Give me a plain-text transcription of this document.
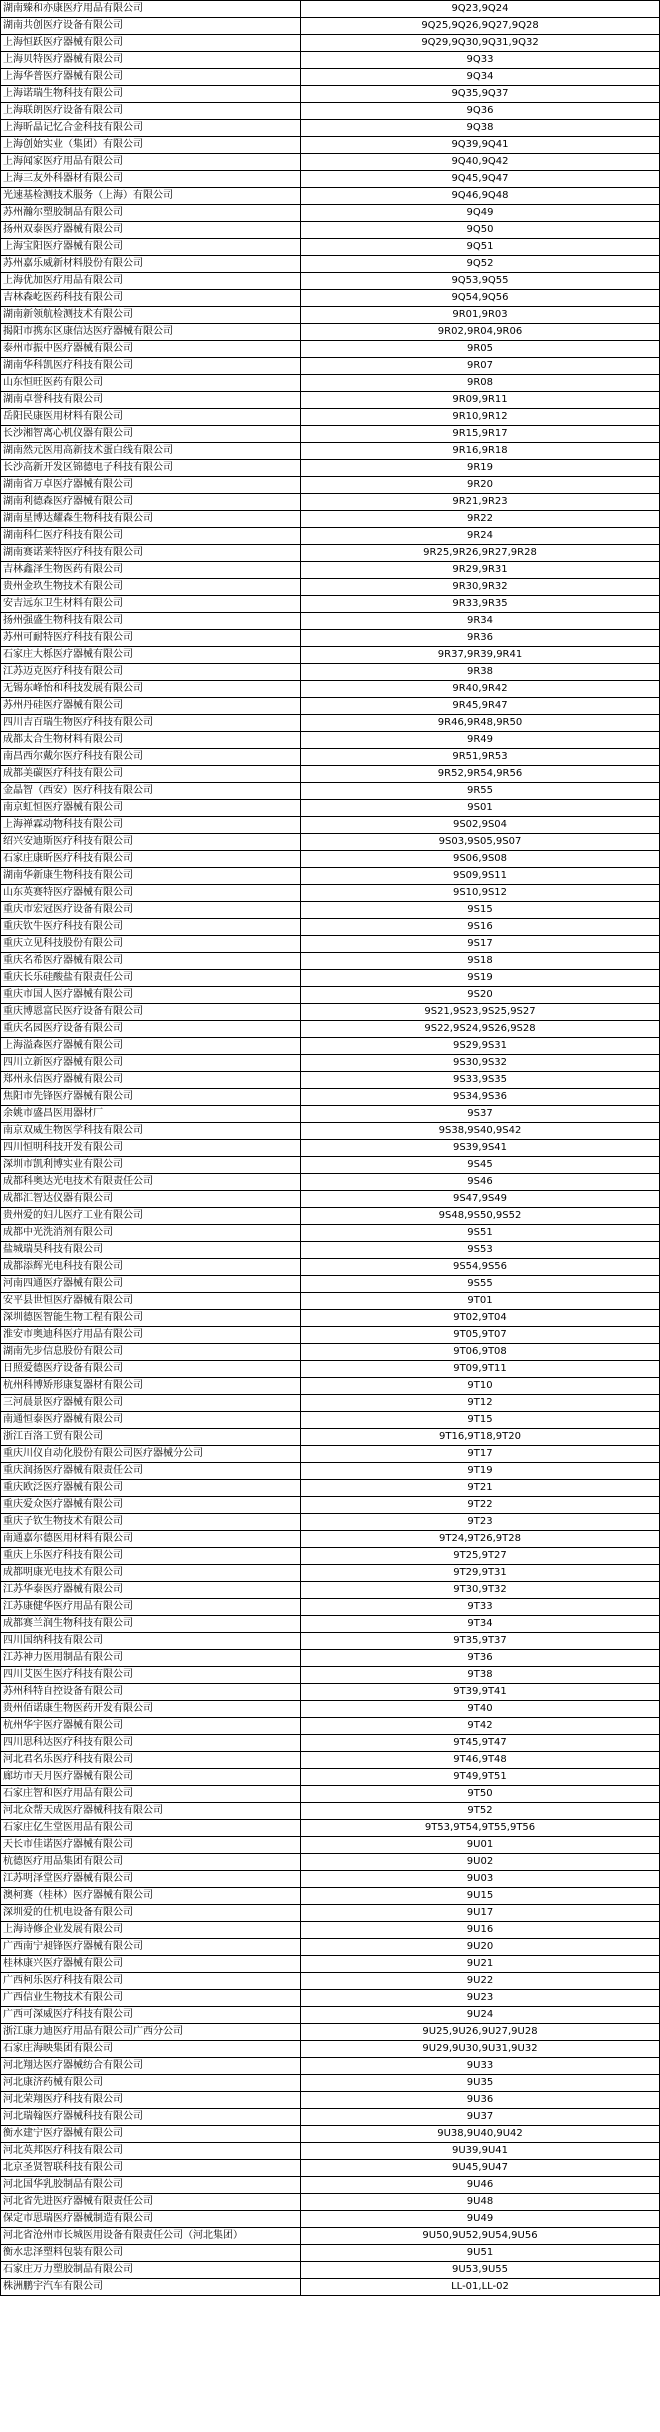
湖南臻和亦康医疗用品有限公司	9Q23,9Q24
湖南共创医疗设备有限公司	9Q25,9Q26,9Q27,9Q28
上海恒跃医疗器械有限公司	9Q29,9Q30,9Q31,9Q32
上海贝特医疗器械有限公司	9Q33
上海华普医疗器械有限公司	9Q34
上海诺瑞生物科技有限公司	9Q35,9Q37
上海联朗医疗设备有限公司	9Q36
上海昕晶记忆合金科技有限公司	9Q38
上海创始实业（集团）有限公司	9Q39,9Q41
上海闻家医疗用品有限公司	9Q40,9Q42
上海三友外科器材有限公司	9Q45,9Q47
光速基检测技术服务（上海）有限公司	9Q46,9Q48
苏州瀚尔塑胶制品有限公司	9Q49
扬州双泰医疗器械有限公司	9Q50
上海宝阳医疗器械有限公司	9Q51
苏州嘉乐威新材料股份有限公司	9Q52
上海优加医疗用品有限公司	9Q53,9Q55
吉林森屹医药科技有限公司	9Q54,9Q56
湖南新领航检测技术有限公司	9R01,9R03
揭阳市携东区康信达医疗器械有限公司	9R02,9R04,9R06
泰州市振中医疗器械有限公司	9R05
湖南华科凯医疗科技有限公司	9R07
山东恒旺医药有限公司	9R08
湖南卓誉科技有限公司	9R09,9R11
岳阳民康医用材料有限公司	9R10,9R12
长沙湘智离心机仪器有限公司	9R15,9R17
湖南然元医用高新技术蛋白线有限公司	9R16,9R18
长沙高新开发区锦德电子科技有限公司	9R19
湖南省万卓医疗器械有限公司	9R20
湖南利德森医疗器械有限公司	9R21,9R23
湖南星博达耀森生物科技有限公司	9R22
湖南科仁医疗科技有限公司	9R24
湖南赛诺莱特医疗科技有限公司	9R25,9R26,9R27,9R28
吉林鑫泽生物医药有限公司	9R29,9R31
贵州金玖生物技术有限公司	9R30,9R32
安吉远东卫生材料有限公司	9R33,9R35
扬州强盛生物科技有限公司	9R34
苏州可耐特医疗科技有限公司	9R36
石家庄大栎医疗器械有限公司	9R37,9R39,9R41
江苏迈克医疗科技有限公司	9R38
无锡东峰怡和科技发展有限公司	9R40,9R42
苏州丹硅医疗器械有限公司	9R45,9R47
四川吉百瑞生物医疗科技有限公司	9R46,9R48,9R50
成都太合生物材料有限公司	9R49
南昌西尔戴尔医疗科技有限公司	9R51,9R53
成都美碳医疗科技有限公司	9R52,9R54,9R56
金晶智（西安）医疗科技有限公司	9R55
南京虹恒医疗器械有限公司	9S01
上海禅霖动物科技有限公司	9S02,9S04
绍兴安迪斯医疗科技有限公司	9S03,9S05,9S07
石家庄康昕医疗科技有限公司	9S06,9S08
湖南华新康生物科技有限公司	9S09,9S11
山东英赛特医疗器械有限公司	9S10,9S12
重庆市宏冠医疗设备有限公司	9S15
重庆钦牛医疗科技有限公司	9S16
重庆立见科技股份有限公司	9S17
重庆名希医疗器械有限公司	9S18
重庆长乐硅酸盐有限责任公司	9S19
重庆市国人医疗器械有限公司	9S20
重庆博恩富民医疗设备有限公司	9S21,9S23,9S25,9S27
重庆名园医疗设备有限公司	9S22,9S24,9S26,9S28
上海溢森医疗器械有限公司	9S29,9S31
四川立新医疗器械有限公司	9S30,9S32
郑州永信医疗器械有限公司	9S33,9S35
焦阳市先锋医疗器械有限公司	9S34,9S36
余姚市盛昌医用器材厂	9S37
南京双威生物医学科技有限公司	9S38,9S40,9S42
四川恒明科技开发有限公司	9S39,9S41
深圳市凯利博实业有限公司	9S45
成都科奥达光电技术有限责任公司	9S46
成都汇智达仪器有限公司	9S47,9S49
贵州爱的妇儿医疗工业有限公司	9S48,9S50,9S52
成都中光洗消剂有限公司	9S51
盐城瑞昊科技有限公司	9S53
成都添辉光电科技有限公司	9S54,9S56
河南四通医疗器械有限公司	9S55
安平县世恒医疗器械有限公司	9T01
深圳德医智能生物工程有限公司	9T02,9T04
淮安市奥迪科医疗用品有限公司	9T05,9T07
湖南先步信息股份有限公司	9T06,9T08
日照爱德医疗设备有限公司	9T09,9T11
杭州科博矫形康复器材有限公司	9T10
三河晨景医疗器械有限公司	9T12
南通恒泰医疗器械有限公司	9T15
浙江百洛工贸有限公司	9T16,9T18,9T20
重庆川仪自动化股份有限公司医疗器械分公司	9T17
重庆润扬医疗器械有限责任公司	9T19
重庆欧泛医疗器械有限公司	9T21
重庆爱众医疗器械有限公司	9T22
重庆子钦生物技术有限公司	9T23
南通嘉尔德医用材料有限公司	9T24,9T26,9T28
重庆上乐医疗科技有限公司	9T25,9T27
成都明康光电技术有限公司	9T29,9T31
江苏华泰医疗器械有限公司	9T30,9T32
江苏康健华医疗用品有限公司	9T33
成都赛兰润生物科技有限公司	9T34
四川国纳科技有限公司	9T35,9T37
江苏神力医用制品有限公司	9T36
四川艾医生医疗科技有限公司	9T38
苏州科特自控设备有限公司	9T39,9T41
贵州佰诺康生物医药开发有限公司	9T40
杭州华宇医疗器械有限公司	9T42
四川思科达医疗科技有限公司	9T45,9T47
河北君名乐医疗科技有限公司	9T46,9T48
廊坊市天月医疗器械有限公司	9T49,9T51
石家庄智和医疗用品有限公司	9T50
河北众帮天成医疗器械科技有限公司	9T52
石家庄亿生堂医用品有限公司	9T53,9T54,9T55,9T56
天长市佳诺医疗器械有限公司	9U01
杭德医疗用品集团有限公司	9U02
江苏明泽堂医疗器械有限公司	9U03
澳柯赛（桂林）医疗器械有限公司	9U15
深圳爱的仕机电设备有限公司	9U17
上海诗修企业发展有限公司	9U16
广西南宁昶锋医疗器械有限公司	9U20
桂林康兴医疗器械有限公司	9U21
广西柯乐医疗科技有限公司	9U22
广西信业生物技术有限公司	9U23
广西可深威医疗科技有限公司	9U24
浙江康力迪医疗用品有限公司广西分公司	9U25,9U26,9U27,9U28
石家庄海映集团有限公司	9U29,9U30,9U31,9U32
河北翔达医疗器械纺合有限公司	9U33
河北康济药械有限公司	9U35
河北荣翔医疗科技有限公司	9U36
河北瑞翰医疗器械科技有限公司	9U37
衡水建宁医疗器械有限公司	9U38,9U40,9U42
河北英邦医疗科技有限公司	9U39,9U41
北京圣贤智联科技有限公司	9U45,9U47
河北国华乳胶制品有限公司	9U46
河北省先进医疗器械有限责任公司	9U48
保定市思瑞医疗器械制造有限公司	9U49
河北省沧州市长城医用设备有限责任公司（河北集团）	9U50,9U52,9U54,9U56
衡水忠泽塑料包装有限公司	9U51
石家庄万力塑胶制品有限公司	9U53,9U55
株洲鹏宇汽车有限公司	LL-01,LL-02
